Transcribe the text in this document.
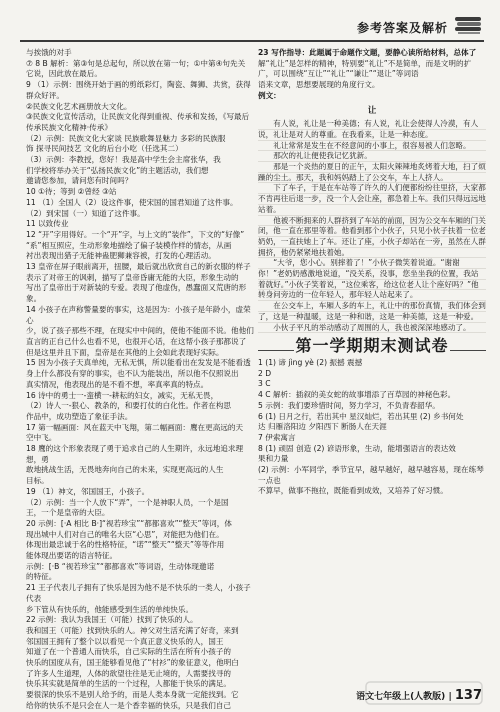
参考答案及解析

与挨饿的对手

⑦ 8 B 解析：第③句是总起句，所以放在第一句；①中第④句先关

它说，因此放在最后。

9 （1）示例：围绕开始于画的剪纸彩灯，陶瓷、舞狮、共赏，获得

群众好评。

②民族文化艺术画册放大文化。

③民族文化宣传活动，让民族文化得到重视、传承和发扬，《写最后

传承民族文化精神·传承》

（2）示例：民族文化大家谈 民族歌舞显魅力 多彩的民族服

饰 探寻民间技艺 文化的后台小吃（任选其二）

（3）示例：李教授，您好！我是高中学生会主席张华，我

们学校将举办关于“弘扬民族文化”的主题活动，我们想

邀请您参加，请问您有时间吗？

10 ①待；等到 ②曾经 ③站

11 （1）全国人（2）设这件事，使宋国的国君知道了这件事。

（2）到宋国（一）知道了这件事。

11 以致传业

12 “开”字用得好。一个“开”字，与上文的“装作”，下文的“好像”

“系”相互照应，生动形象地描绘了偏子装模作样的情态，从画

衬出表现出猎子无能神蛊肥狮兼容被，打发的心理活动。

13 皇帝在屏子眼前离开，扭腰，最后就出欣赏自己的新衣服的样子

表示了对帝王的讽刺，描写了皇帝昏庸无能的大臣，形象生动的

写出了皇帝出于对新装的专爱。表现了他虚伪，愚蠢面又荒唐的形象。

14 小孩子在声称警量要的事实，这是因为：小孩子是年龄小，虚荣心

少，说了孩子那些不理，在现实中中间的，使他不能面不说。他他们

直言的正自己什么也看不见，也很开心话，在这帮小孩子那都说了

但是这里并且下面，皇帝是在其他的上会如此表现好实际。

15 因为小孩子天真单纯，无私无惧，所以能看出在发发是不能看透

身上什么都没有穿的事实，也不认为能装出，所以他不仅照说出

真实情况，他表现出的是不看不想，率真率真的特点。

16 诗中的勇士一-蛮横一-耕耘的妇女，减实，无私无畏，

（2）诗人一-狠心、教条的，和要打仗的白化性。作者在构思

作品中，成功塑造了象征手法。

17 第一幅画面：风在蓝天中飞翔，第二幅画面：鹰在更高远的天

空中飞。

18 鹰的这个形象表现了勇于追求自己的人生期许，永远地追求理想，勇

敢地挑战生活，无畏地奔向自己的未来，实现更高远的人生

目标。

19 （1）神文，邻国国王，小孩子。

（2）示例：当一个人放下“弄”，一个是神职人员，一个是国

王，一个是皇帝的大臣。

20 示例：[·A 相比 B·]“视若珍宝”“都都喜欢”“整天”等词，体

现出城中人们对自己的唯名大臣“心思”，对能把为他们在。

体现出最忠诚于名的性格特征，“诺”“整天”“整天”等等作用

能体现出要诺的语言特征。

示例：[·B “视若珍宝”“都都喜欢”等词语，生动体现邀诺

的特征。

21 王子代表儿子拥有了快乐是因为他不是不快乐的一类人，小孩子代表

乡下管从有快乐的，他能感受到生活的单纯快乐。

22 示例：我认为我国王（可能）找到了快乐的人。

我和国王（可能）找到快乐的人。神父对生活充满了好奇，来到

邻国国王拥有了整个以以看见一个真正意义快乐的人，国王

知道了在一个普通人而快乐，自己实际的生活在所有小孩子的

快乐的国度从有，国王能够看见他了“村衫”的象征意义，他明白

了许多人生道理，人体的欲望往往是无止境的，人需要找寻的

快乐其实就是简单的生活的一个过程，人都能于快乐的满足。

要很深的快乐不是别人给予的，而是人类本身就一定能找到。它

给你的快乐不是只会在人一是个香幸福的快乐，只是我们自己

23 写作指导：此题属于命题作文题，要静心读所给材料，总体了

解“礼让”是怎样的精神，特别要“礼让”不是简单，而是文明的扩

广，可以围绕“互让”“礼让”“谦让”“退让”等词语

语来文章，思想要展现的角度行文。

例文：

让

有人说，礼让是一种美德；有人说，礼让会使得人冷漠，有人说，礼让是对人的尊重。在我看来，让是一种态度。

礼让常常是发生在不经意间的小事上，很容易被人们忽略。

那次的礼让便使我记忆犹新。

那是一个炎热的夏日的正午，太阳火辣辣地炙烤着大地，扫了烦躁的尘土。那天，我和妈妈踏上了公交车，车上人挤人。

下了车子，于是在车站等了许久的人们便都纷纷往里挤，大家都不肯再往后退一步，没一个人会让座，都急着上车。我们只得远远地站着。

他被不断拥来的人群挤到了车站的前面，因为公交车车厢的门关闭，他一直在那里等着。他看到那个小伙子，只见小伙子扶着一位老奶奶，一直扶她上了车。还让了座，小伙子却站在一旁，虽然在人群拥挤，他仍紧紧地扶着她。

“大爷，您小心。别摔着了！”小伙子微笑着说道。“谢谢你！”老奶奶感激地说道，“没关系，没事，您坐坐我的位置，我站着就好。”小伙子笑着说，“这位乘客，给这位老人让个座好吗？”他转身问旁边的一位年轻人，那年轻人站起来了。

在公交车上，车厢人多的车上，礼让中的那份真情，我们体会到了，这是一种温暖，这是一种和谐，这是一种美德，这是一种爱。

小伙子平凡的举动感动了周围的人，我也被深深地感动了。

第一学期期末测试卷

1 (1) 谛 jìng yè (2) 振撼 震撼

2 D

3 C

4 C 解析：插叙的美女蛇的故事增添了百草园的神秘色彩。

5 示例：我们要珍惜时间，努力学习，不负青春韶华。

6 (1) 日月之行，若出其中 星汉灿烂，若出其里 (2) 乡书何处

达 归雁洛阳边 夕阳西下 断肠人在天涯

7 伊索寓言

8 (1) 顽固 创造 (2) 谚语形象，生动，能增强语言的表达效

果和力量

(2) 示例：小军同学，季节宜早，越早越好，越早越容易，现在练琴一点也

不算早，做事不拖拉，既能看到成效，又培养了好习惯。

语文七年级上(人教版) | 137
